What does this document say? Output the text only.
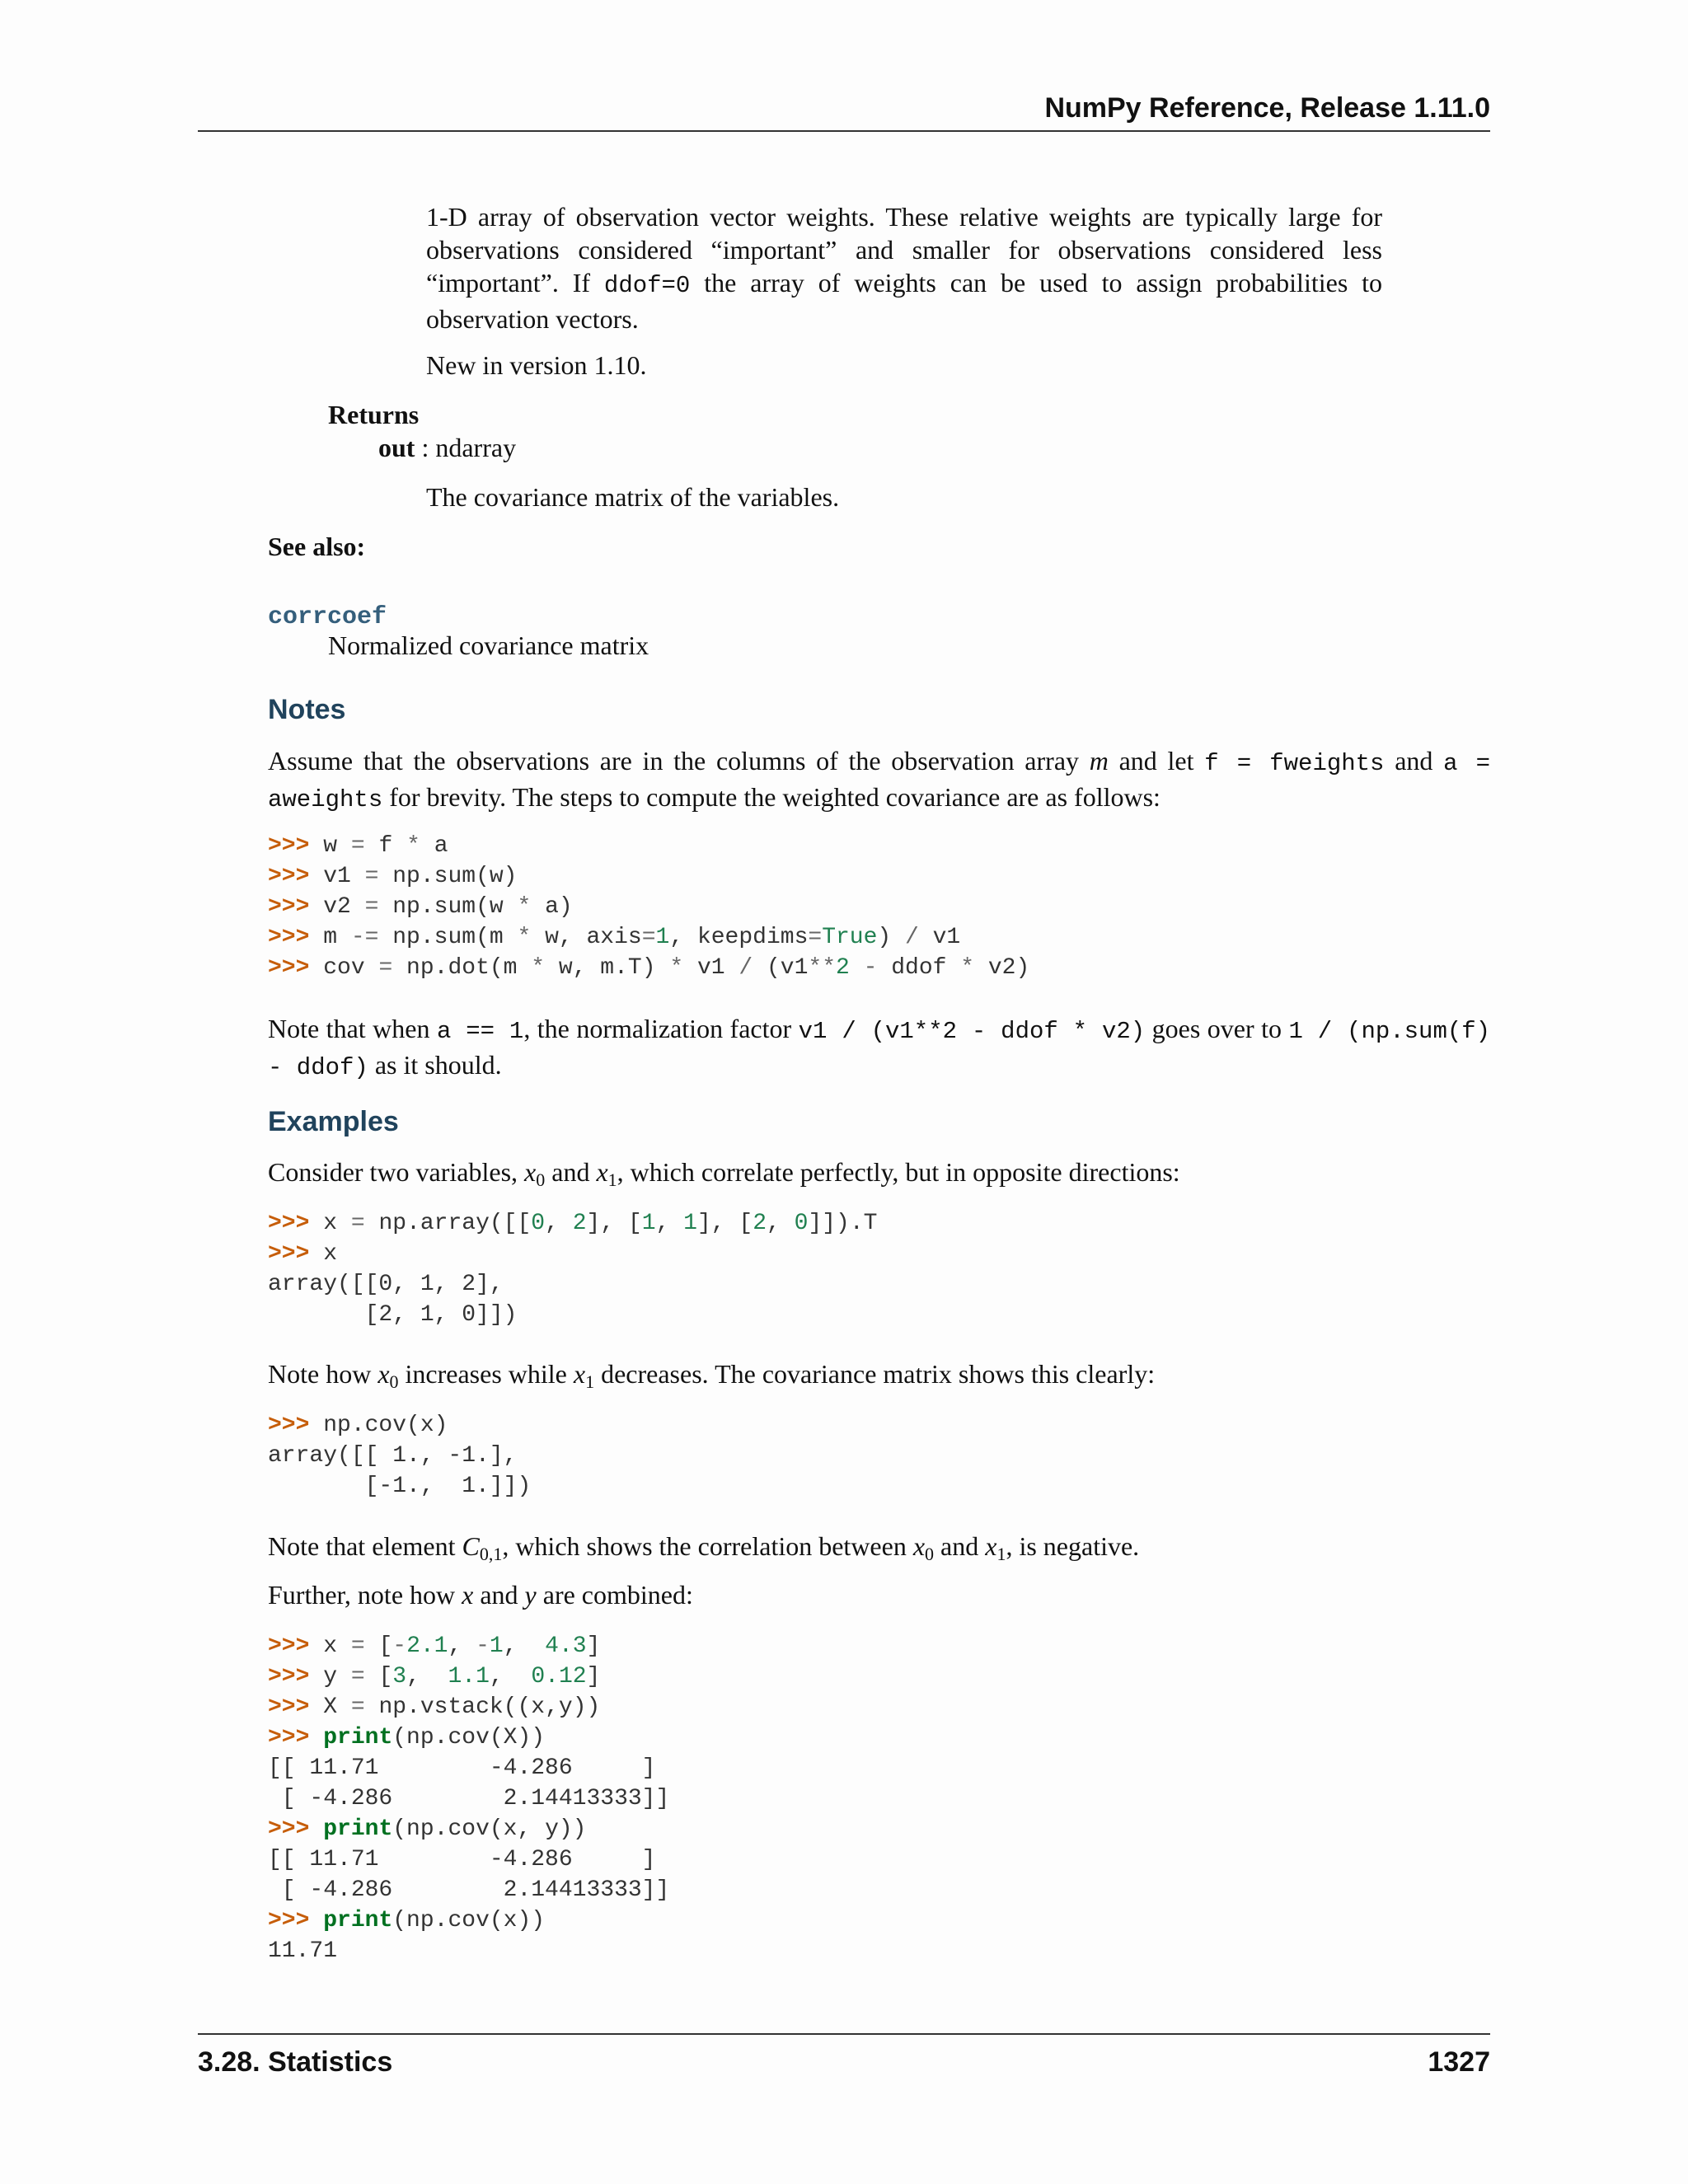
NumPy Reference, Release 1.11.0
1-D array of observation vector weights. These relative weights are typically large for observations considered “important” and smaller for observations considered less “important”. If ddof=0 the array of weights can be used to assign probabilities to observation vectors.
New in version 1.10.
Returns
out : ndarray
The covariance matrix of the variables.
See also:
corrcoef
Normalized covariance matrix
Notes
Assume that the observations are in the columns of the observation array m and let f = fweights and a = aweights for brevity. The steps to compute the weighted covariance are as follows:
>>> w = f * a
>>> v1 = np.sum(w)
>>> v2 = np.sum(w * a)
>>> m -= np.sum(m * w, axis=1, keepdims=True) / v1
>>> cov = np.dot(m * w, m.T) * v1 / (v1**2 - ddof * v2)
Note that when a == 1, the normalization factor v1 / (v1**2 - ddof * v2) goes over to 1 / (np.sum(f) - ddof) as it should.
Examples
Consider two variables, $x_0$ and $x_1$, which correlate perfectly, but in opposite directions:
>>> x = np.array([[0, 2], [1, 1], [2, 0]]).T
>>> x
array([[0, 1, 2],
[2, 1, 0]])
Note how $x_0$ increases while $x_1$ decreases. The covariance matrix shows this clearly:
>>> np.cov(x)
array([[ 1., -1.],
[-1.,  1.]])
Note that element $C_{0,1}$, which shows the correlation between $x_0$ and $x_1$, is negative.
Further, note how x and y are combined:
>>> x = [-2.1, -1,  4.3]
>>> y = [3,  1.1,  0.12]
>>> X = np.vstack((x,y))
>>> print(np.cov(X))
[[ 11.71        -4.286     ]
[ -4.286        2.14413333]]
>>> print(np.cov(x, y))
[[ 11.71        -4.286     ]
[ -4.286        2.14413333]]
>>> print(np.cov(x))
11.71
3.28. Statistics	1327
